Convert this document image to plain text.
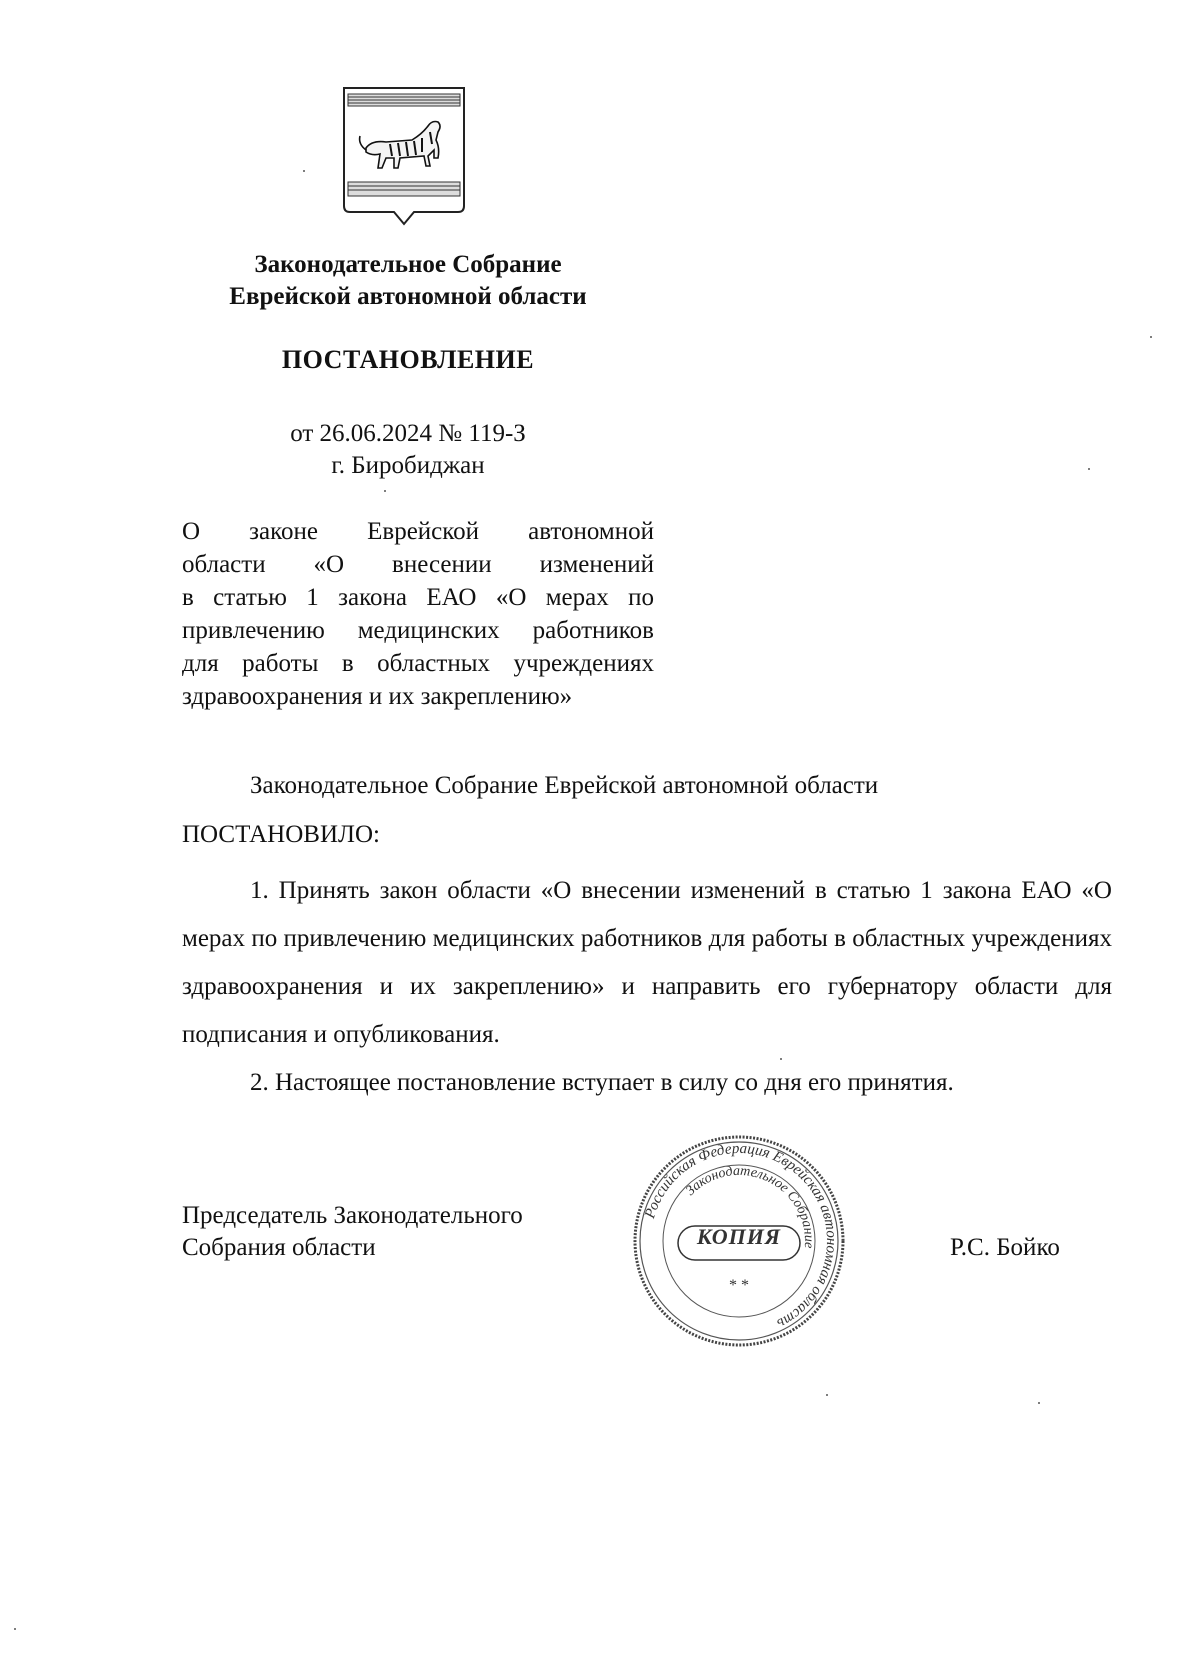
Законодательное Собрание
Еврейской автономной области
ПОСТАНОВЛЕНИЕ
от 26.06.2024 № 119-З
г. Биробиджан
О законе Еврейской автономной
области «О внесении изменений
в статью 1 закона ЕАО «О мерах по
привлечению медицинских работников
для работы в областных учреждениях
здравоохранения и их закреплению»
Законодательное Собрание Еврейской автономной области
ПОСТАНОВИЛО:

1. Принять закон области «О внесении изменений в статью 1 закона ЕАО «О мерах по привлечению медицинских работников для работы в областных учреждениях здравоохранения и их закреплению» и направить его губернатору области для подписания и опубликования.

2. Настоящее постановление вступает в силу со дня его принятия.

Председатель Законодательного
Собрания области
Российская Федерация Еврейская автономная область
Законодательное Собрание
* *
КОПИЯ	Р.С. Бойко
